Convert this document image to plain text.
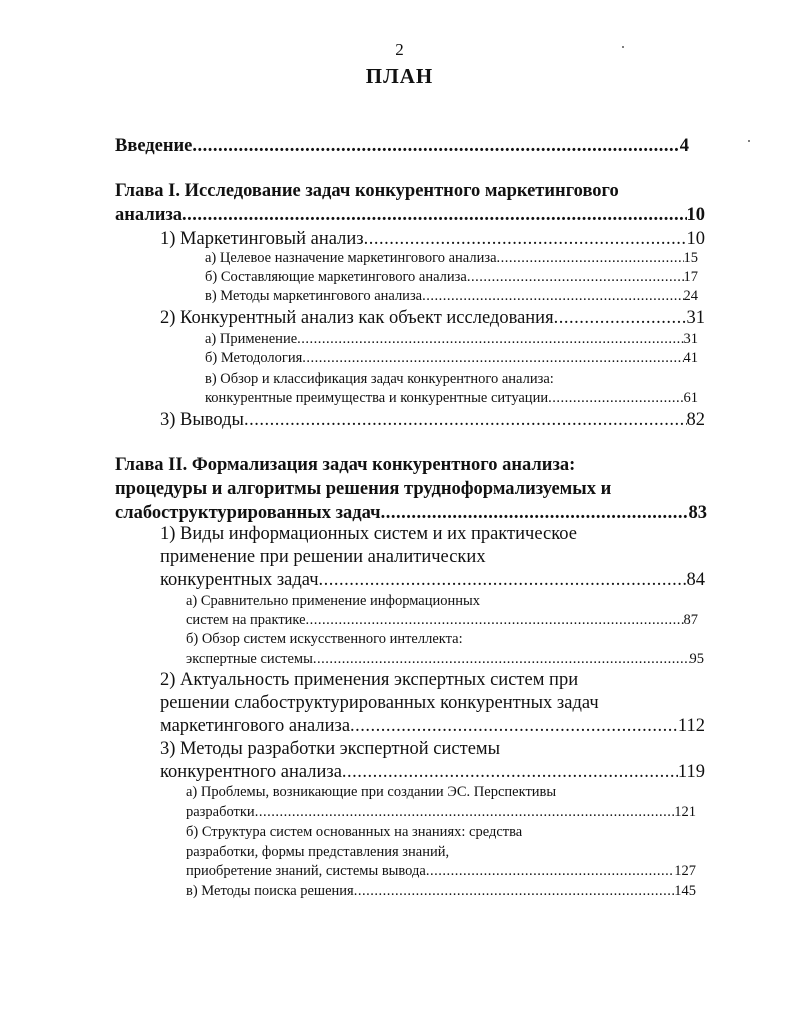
2
ПЛАН
Введение .....	4
Глава I. Исследование задач конкурентного маркетингового
анализа .....	10
1) Маркетинговый анализ .....	10
а) Целевое назначение маркетингового анализа .....	15
б) Составляющие маркетингового анализа .....	17
в) Методы маркетингового анализа .....	24
2) Конкурентный анализ как объект исследования .....	31
а) Применение .....	31
б) Методология .....	41
в) Обзор и классификация задач конкурентного анализа:
конкурентные преимущества и конкурентные ситуации .....	61
3) Выводы .....	82
Глава II. Формализация задач конкурентного анализа:
процедуры и алгоритмы решения трудноформализуемых и
слабоструктурированных задач .....	83
1) Виды информационных систем и их практическое
применение при решении аналитических
конкурентных задач .....	84
а) Сравнительно применение информационных
систем на практике .....	87
б) Обзор систем искусственного интеллекта:
экспертные системы .....	95
2) Актуальность применения экспертных систем при
решении слабоструктурированных конкурентных задач
маркетингового анализа .....	112
3) Методы разработки экспертной системы
конкурентного анализа .....	119
а) Проблемы, возникающие при создании ЭС. Перспективы
разработки .....	121
б) Структура систем основанных на знаниях: средства
разработки, формы представления знаний,
приобретение знаний, системы вывода .....	127
в) Методы поиска решения .....	145
